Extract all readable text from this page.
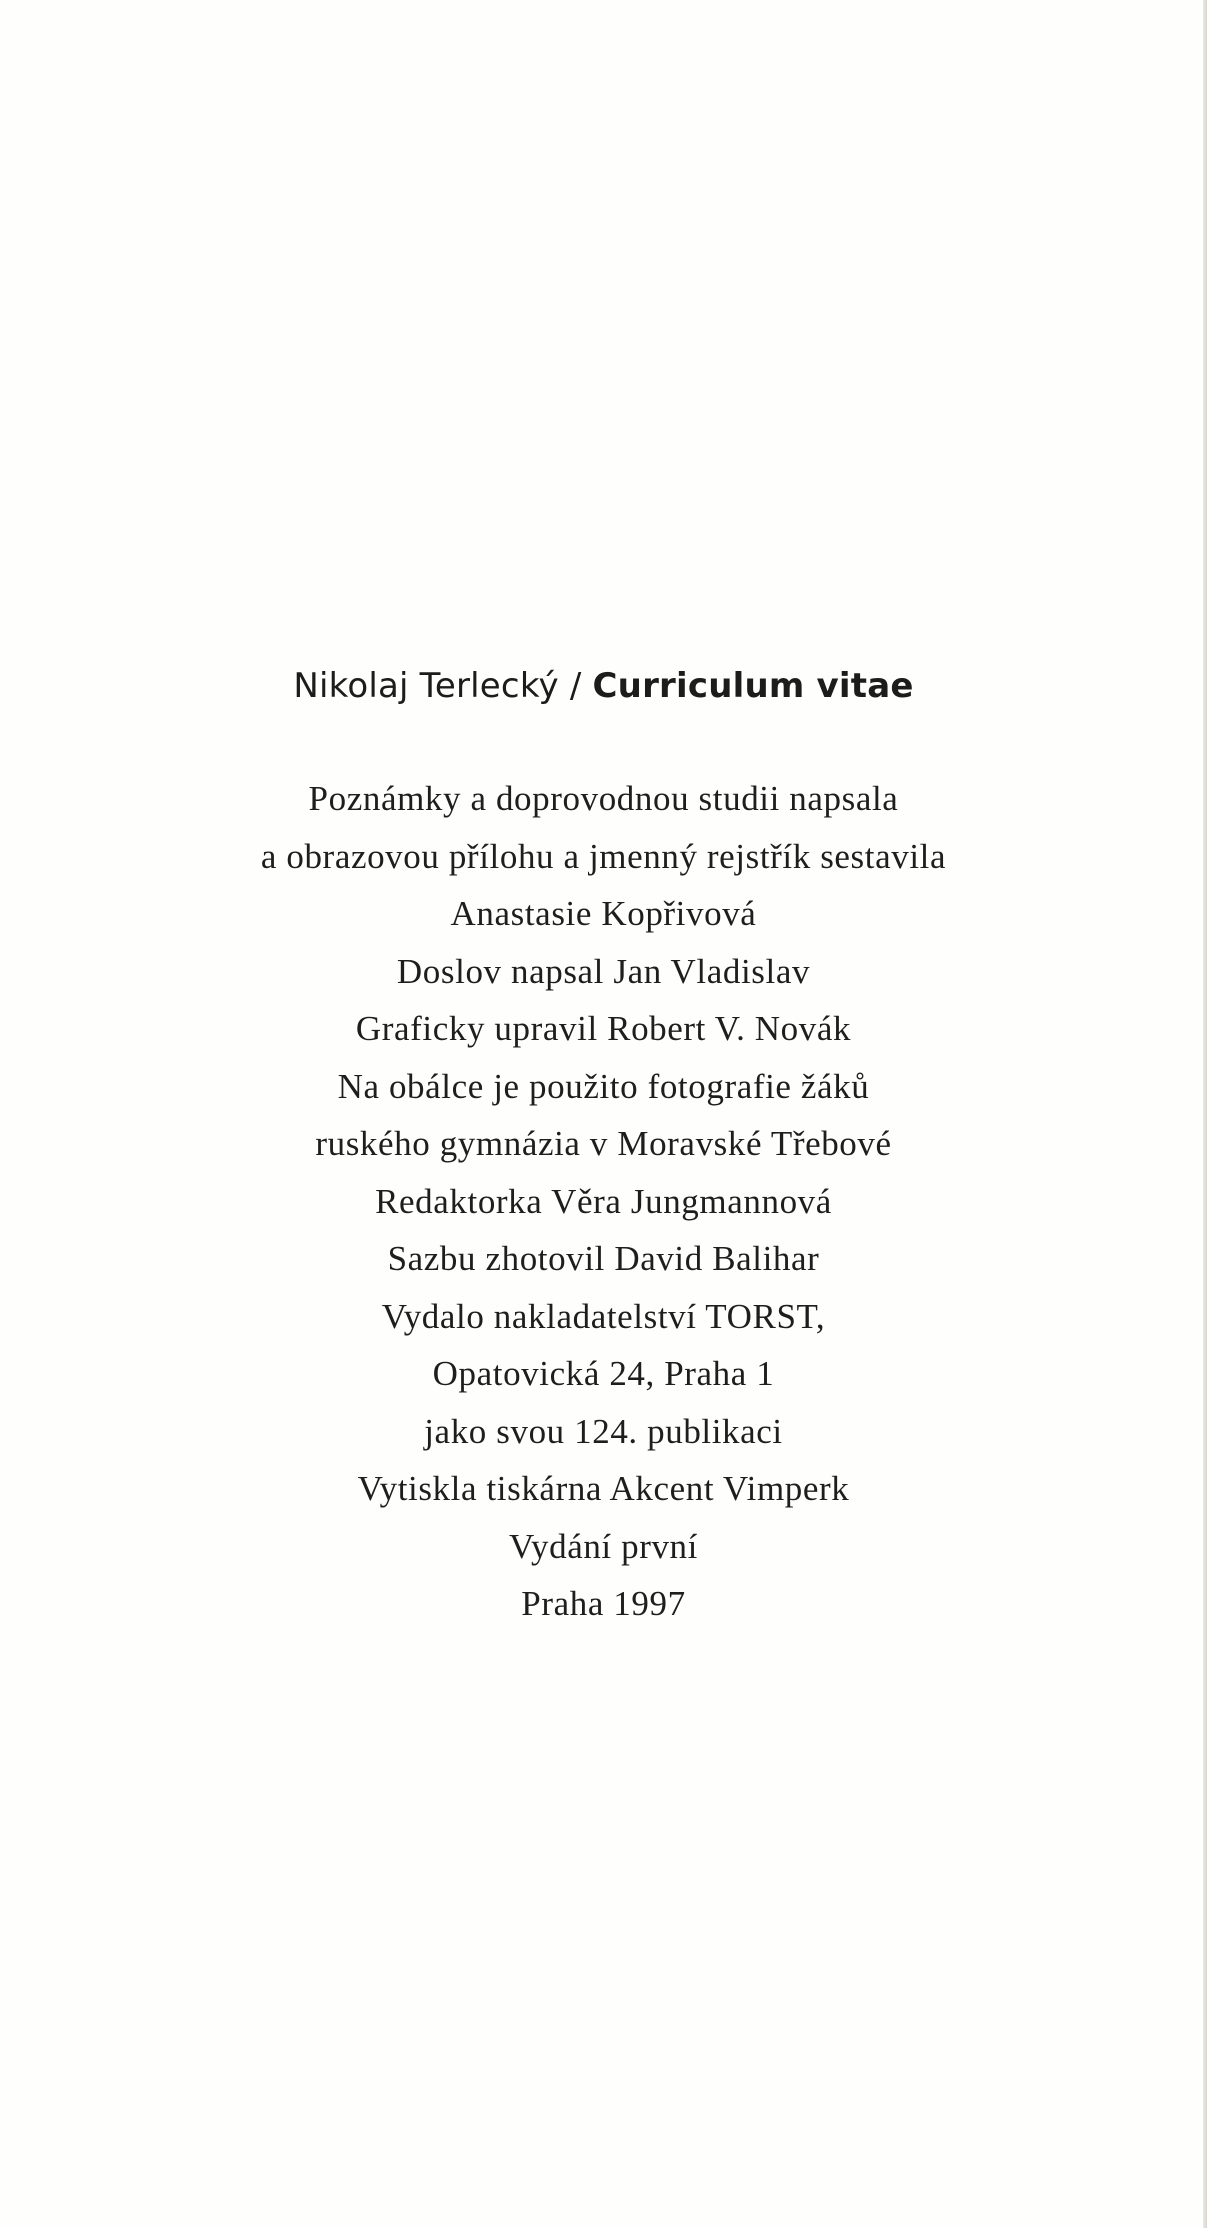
Nikolaj Terlecký / Curriculum vitae
Poznámky a doprovodnou studii napsala
a obrazovou přílohu a jmenný rejstřík sestavila
Anastasie Kopřivová
Doslov napsal Jan Vladislav
Graficky upravil Robert V. Novák
Na obálce je použito fotografie žáků
ruského gymnázia v Moravské Třebové
Redaktorka Věra Jungmannová
Sazbu zhotovil David Balihar
Vydalo nakladatelství TORST,
Opatovická 24, Praha 1
jako svou 124. publikaci
Vytiskla tiskárna Akcent Vimperk
Vydání první
Praha 1997
